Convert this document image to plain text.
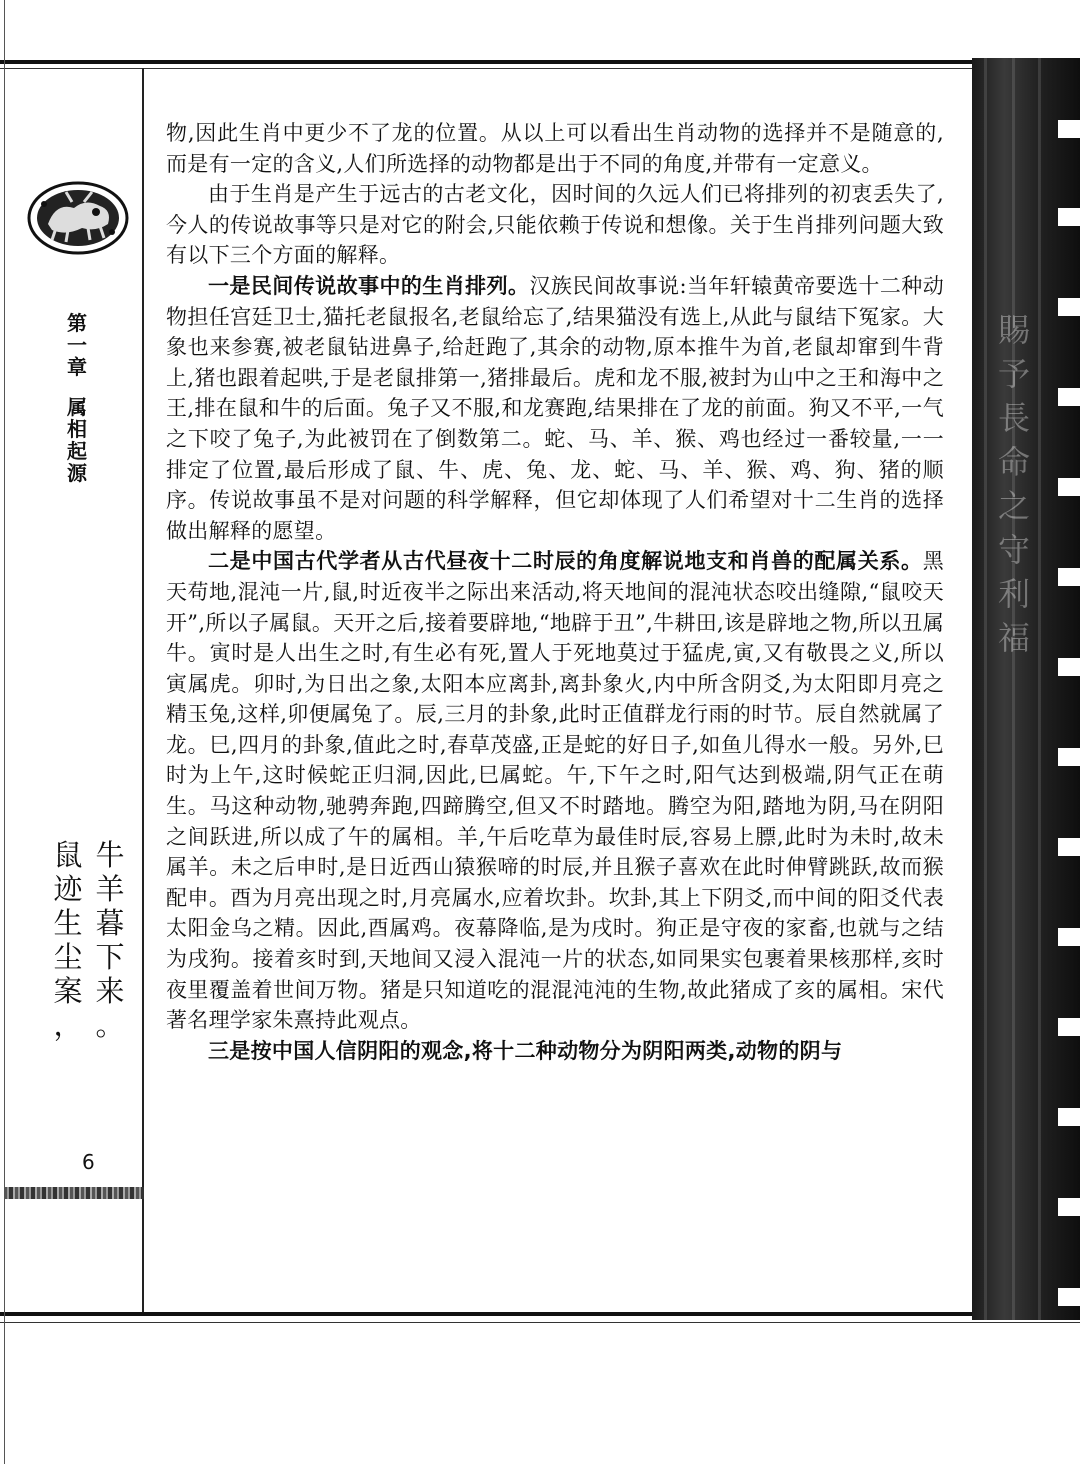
第
一
章
属
相
起
源
牛
羊
暮
下
来
。
鼠
迹
生
尘
案
，
6

物,因此生肖中更少不了龙的位置。从以上可以看出生肖动物的选择并不是随意的,而是有一定的含义,人们所选择的动物都是出于不同的角度,并带有一定意义。

由于生肖是产生于远古的古老文化，因时间的久远人们已将排列的初衷丢失了,今人的传说故事等只是对它的附会,只能依赖于传说和想像。关于生肖排列问题大致有以下三个方面的解释。

一是民间传说故事中的生肖排列。汉族民间故事说:当年轩辕黄帝要选十二种动物担任宫廷卫士,猫托老鼠报名,老鼠给忘了,结果猫没有选上,从此与鼠结下冤家。大象也来参赛,被老鼠钻进鼻子,给赶跑了,其余的动物,原本推牛为首,老鼠却窜到牛背上,猪也跟着起哄,于是老鼠排第一,猪排最后。虎和龙不服,被封为山中之王和海中之王,排在鼠和牛的后面。兔子又不服,和龙赛跑,结果排在了龙的前面。狗又不平,一气之下咬了兔子,为此被罚在了倒数第二。蛇、马、羊、猴、鸡也经过一番较量,一一排定了位置,最后形成了鼠、牛、虎、兔、龙、蛇、马、羊、猴、鸡、狗、猪的顺序。传说故事虽不是对问题的科学解释，但它却体现了人们希望对十二生肖的选择做出解释的愿望。

二是中国古代学者从古代昼夜十二时辰的角度解说地支和肖兽的配属关系。黑天苟地,混沌一片,鼠,时近夜半之际出来活动,将天地间的混沌状态咬出缝隙,“鼠咬天开”,所以子属鼠。天开之后,接着要辟地,“地辟于丑”,牛耕田,该是辟地之物,所以丑属牛。寅时是人出生之时,有生必有死,置人于死地莫过于猛虎,寅,又有敬畏之义,所以寅属虎。卯时,为日出之象,太阳本应离卦,离卦象火,内中所含阴爻,为太阳即月亮之精玉兔,这样,卯便属兔了。辰,三月的卦象,此时正值群龙行雨的时节。辰自然就属了龙。巳,四月的卦象,值此之时,春草茂盛,正是蛇的好日子,如鱼儿得水一般。另外,巳时为上午,这时候蛇正归洞,因此,巳属蛇。午,下午之时,阳气达到极端,阴气正在萌生。马这种动物,驰骋奔跑,四蹄腾空,但又不时踏地。腾空为阳,踏地为阴,马在阴阳之间跃进,所以成了午的属相。羊,午后吃草为最佳时辰,容易上膘,此时为未时,故未属羊。未之后申时,是日近西山猿猴啼的时辰,并且猴子喜欢在此时伸臂跳跃,故而猴配申。酉为月亮出现之时,月亮属水,应着坎卦。坎卦,其上下阴爻,而中间的阳爻代表太阳金乌之精。因此,酉属鸡。夜幕降临,是为戌时。狗正是守夜的家畜,也就与之结为戌狗。接着亥时到,天地间又浸入混沌一片的状态,如同果实包裹着果核那样,亥时夜里覆盖着世间万物。猪是只知道吃的混混沌沌的生物,故此猪成了亥的属相。宋代著名理学家朱熹持此观点。

三是按中国人信阴阳的观念,将十二种动物分为阴阳两类,动物的阴与

賜
予
長
命
之
守
利
福
